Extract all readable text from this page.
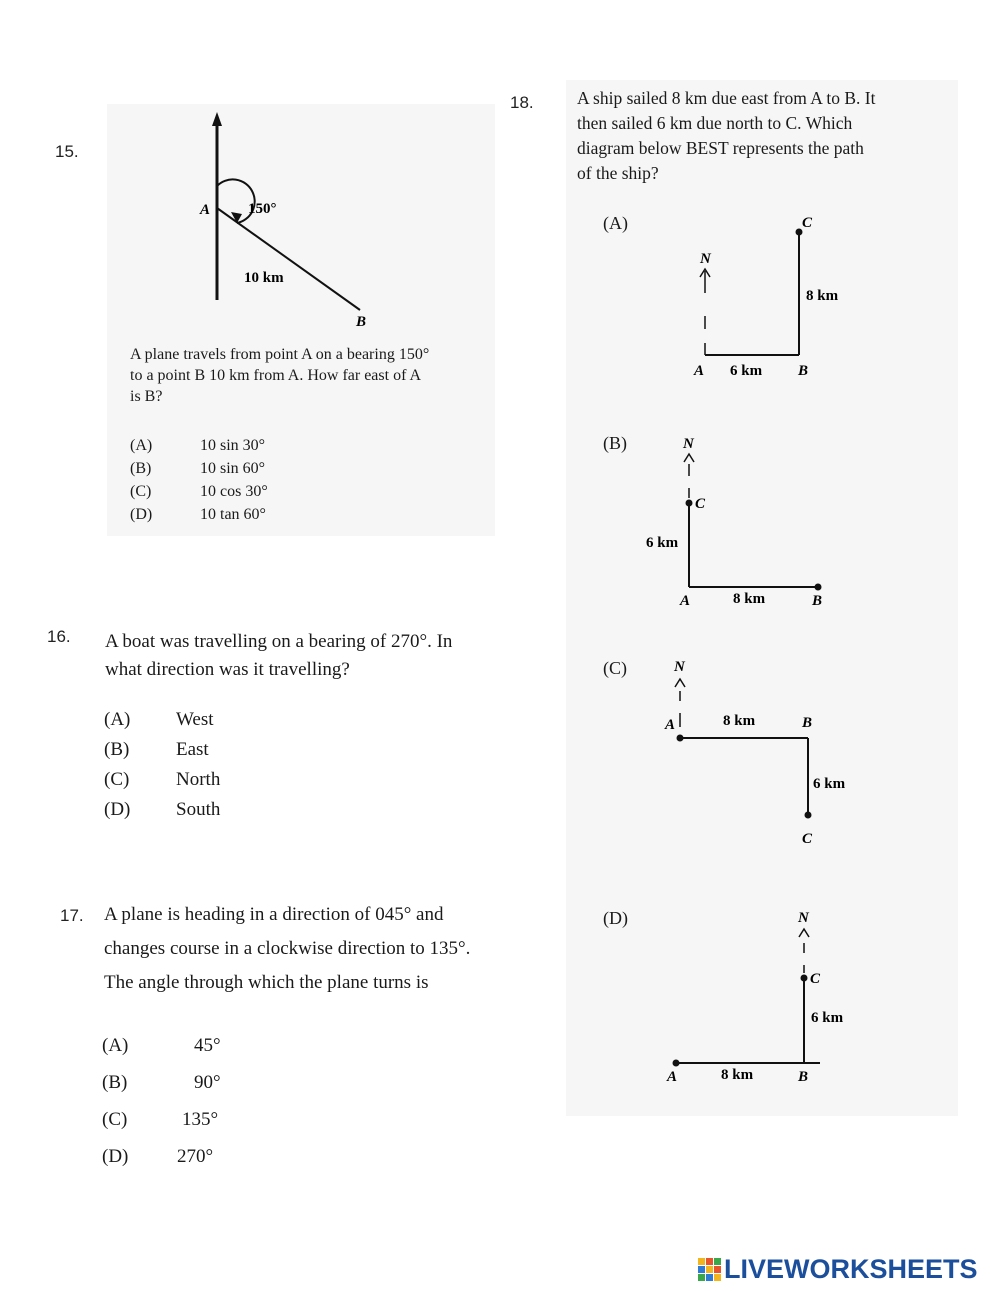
15.
A	150°
10 km
B
A plane travels from point A on a bearing 150°
to a point B 10 km from A. How far east of A
is B?
(A)	10 sin 30°
(B)	10 sin 60°
(C)	10 cos 30°
(D)	10 tan 60°
16. A boat was travelling on a bearing of 270°. In
what direction was it travelling?
(A) West
(B) East
(C) North
(D) South
17. A plane is heading in a direction of 045° and
changes course in a clockwise direction to 135°.
The angle through which the plane turns is
(A)	45°
(B)	90°
(C)	135°
(D)	270°
18. A ship sailed 8 km due east from A to B. It
then sailed 6 km due north to C. Which
diagram below BEST represents the path
of the ship?
(A)
N
C
8 km
A 6 km B
(B)	N
C
6 km
A	8 km	B
(C)	N
A	8 km	B
6 km
C
(D)	N
C
6 km
A	8 km	B
LIVEWORKSHEETS
